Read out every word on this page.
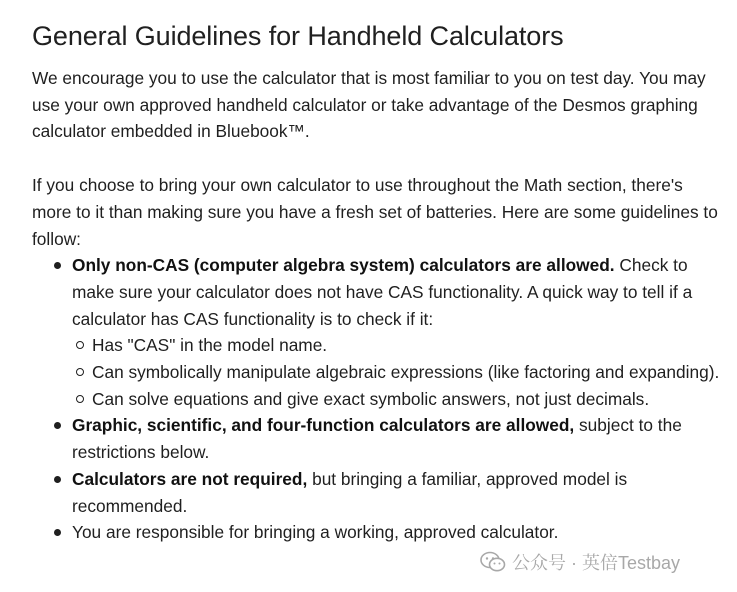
General Guidelines for Handheld Calculators

We encourage you to use the calculator that is most familiar to you on test day. You may use your own approved handheld calculator or take advantage of the Desmos graphing calculator embedded in Bluebook™.

If you choose to bring your own calculator to use throughout the Math section, there's more to it than making sure you have a fresh set of batteries. Here are some guidelines to follow:

Only non-CAS (computer algebra system) calculators are allowed. Check to make sure your calculator does not have CAS functionality. A quick way to tell if a calculator has CAS functionality is to check if it:
Has "CAS" in the model name.
Can symbolically manipulate algebraic expressions (like factoring and expanding).
Can solve equations and give exact symbolic answers, not just decimals.
Graphic, scientific, and four-function calculators are allowed, subject to the restrictions below.
Calculators are not required, but bringing a familiar, approved model is recommended.
You are responsible for bringing a working, approved calculator.
公众号 · 英倍Testbay
